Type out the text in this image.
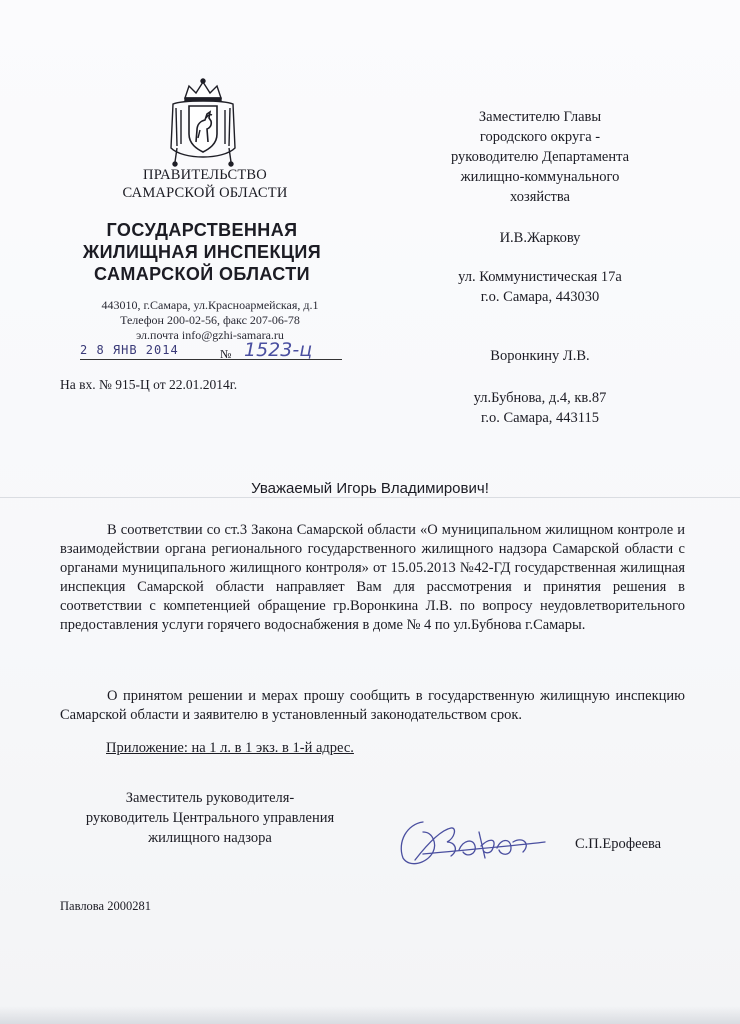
ПРАВИТЕЛЬСТВО
САМАРСКОЙ ОБЛАСТИ
ГОСУДАРСТВЕННАЯ
ЖИЛИЩНАЯ ИНСПЕКЦИЯ
САМАРСКОЙ ОБЛАСТИ
443010, г.Самара, ул.Красноармейская, д.1
Телефон 200-02-56, факс 207-06-78
эл.почта info@gzhi-samara.ru
2 8 ЯНВ 2014	№ 1523-ц
На вх. № 915-Ц от 22.01.2014г.
Заместителю Главы
городского округа -
руководителю Департамента
жилищно-коммунального
хозяйства
И.В.Жаркову
ул. Коммунистическая 17а
г.о. Самара, 443030
Воронкину Л.В.
ул.Бубнова, д.4, кв.87
г.о. Самара, 443115
Уважаемый Игорь Владимирович!

В соответствии со ст.3 Закона Самарской области «О муниципальном жилищном контроле и взаимодействии органа регионального государственного жилищного надзора Самарской области с органами муниципального жилищного контроля» от 15.05.2013 №42-ГД государственная жилищная инспекция Самарской области направляет Вам для рассмотрения и принятия решения в соответствии с компетенцией обращение гр.Воронкина Л.В. по вопросу неудовлетворительного предоставления услуги горячего водоснабжения в доме № 4 по ул.Бубнова г.Самары.

О принятом решении и мерах прошу сообщить в государственную жилищную инспекцию Самарской области и заявителю в установленный законодательством срок.

Приложение: на 1 л. в 1 экз. в 1-й адрес.
Заместитель руководителя-
руководитель Центрального управления
жилищного надзора	С.П.Ерофеева
Павлова 2000281
